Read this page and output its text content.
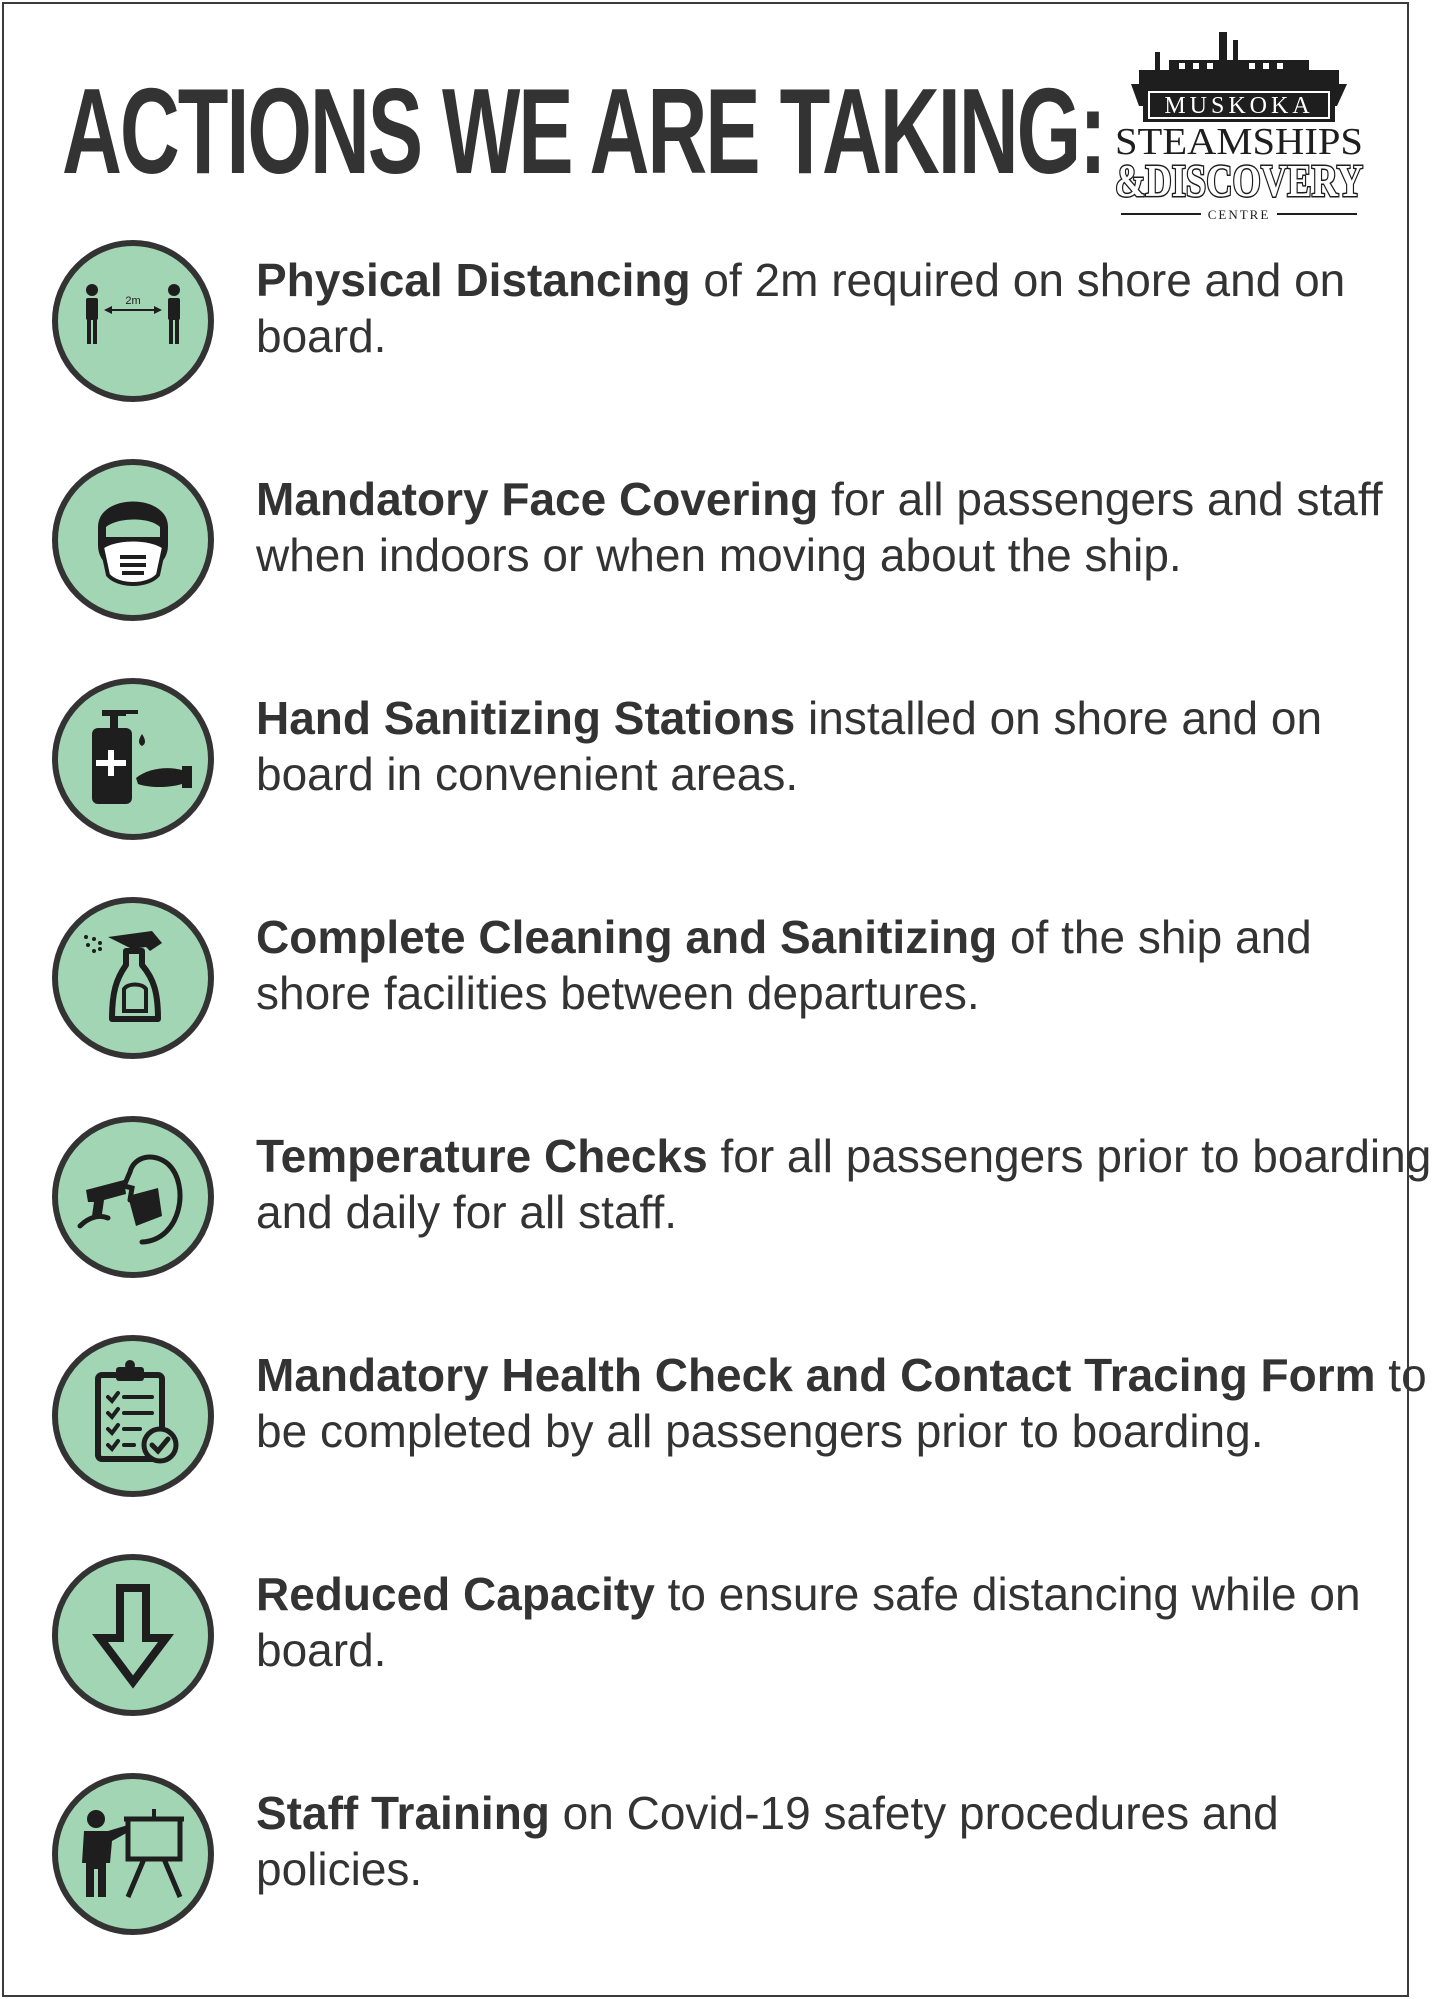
ACTIONS WE ARE TAKING: MUSKOKA
STEAMSHIPS
&DISCOVERY
CENTRE
2m	Physical Distancing of 2m required on shore and on board.

Mandatory Face Covering for all passengers and staff when indoors or when moving about the ship.

Hand Sanitizing Stations installed on shore and on board in convenient areas.

Complete Cleaning and Sanitizing of the ship and shore facilities between departures.

Temperature Checks for all passengers prior to boarding and daily for all staff.

Mandatory Health Check and Contact Tracing Form to be completed by all passengers prior to boarding.

Reduced Capacity to ensure safe distancing while on board.

Staff Training on Covid-19 safety procedures and policies.
